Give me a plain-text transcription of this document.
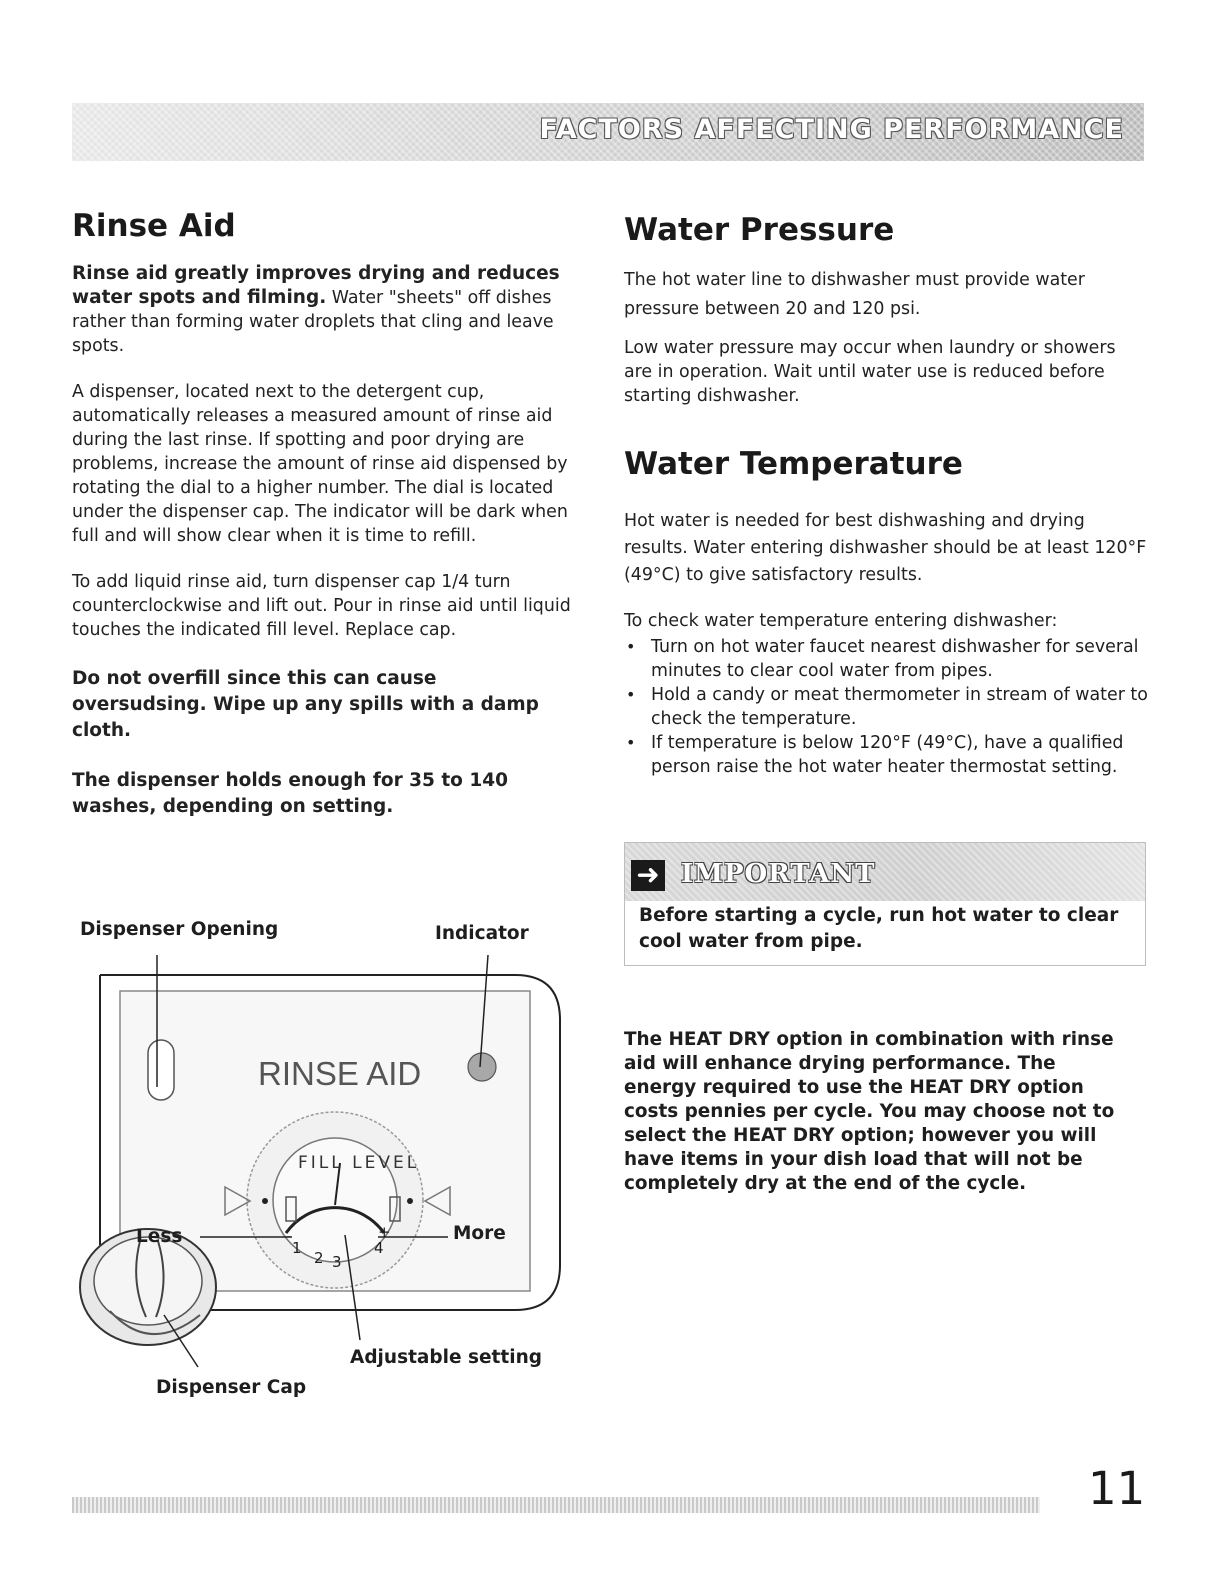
FACTORS AFFECTING PERFORMANCE
Rinse Aid

Rinse aid greatly improves drying and reduces water spots and filming. Water "sheets" off dishes rather than forming water droplets that cling and leave spots.

A dispenser, located next to the detergent cup, automatically releases a measured amount of rinse aid during the last rinse. If spotting and poor drying are problems, increase the amount of rinse aid dispensed by rotating the dial to a higher number. The dial is located under the dispenser cap. The indicator will be dark when full and will show clear when it is time to refill.

To add liquid rinse aid, turn dispenser cap 1/4 turn counterclockwise and lift out. Pour in rinse aid until liquid touches the indicated fill level. Replace cap.

Do not overfill since this can cause oversudsing. Wipe up any spills with a damp cloth.

The dispenser holds enough for 35 to 140 washes, depending on setting.

Water Pressure

The hot water line to dishwasher must provide water pressure between 20 and 120 psi.

Low water pressure may occur when laundry or showers are in operation. Wait until water use is reduced before starting dishwasher.

Water Temperature

Hot water is needed for best dishwashing and drying results. Water entering dishwasher should be at least 120°F (49°C) to give satisfactory results.

To check water temperature entering dishwasher:

• Turn on hot water faucet nearest dishwasher for several minutes to clear cool water from pipes.
• Hold a candy or meat thermometer in stream of water to check the temperature.
• If temperature is below 120°F (49°C), have a qualified person raise the hot water heater thermostat setting.
➜ IMPORTANT
Before starting a cycle, run hot water to clear cool water from pipe.

The HEAT DRY option in combination with rinse aid will enhance drying performance. The energy required to use the HEAT DRY option costs pennies per cycle. You may choose not to select the HEAT DRY option; however you will have items in your dish load that will not be completely dry at the end of the cycle.

Dispenser Opening	Indicator
RINSE AID
FILL LEVEL
Less	More
-	+
1
2 3
4
Adjustable setting
Dispenser Cap
11
